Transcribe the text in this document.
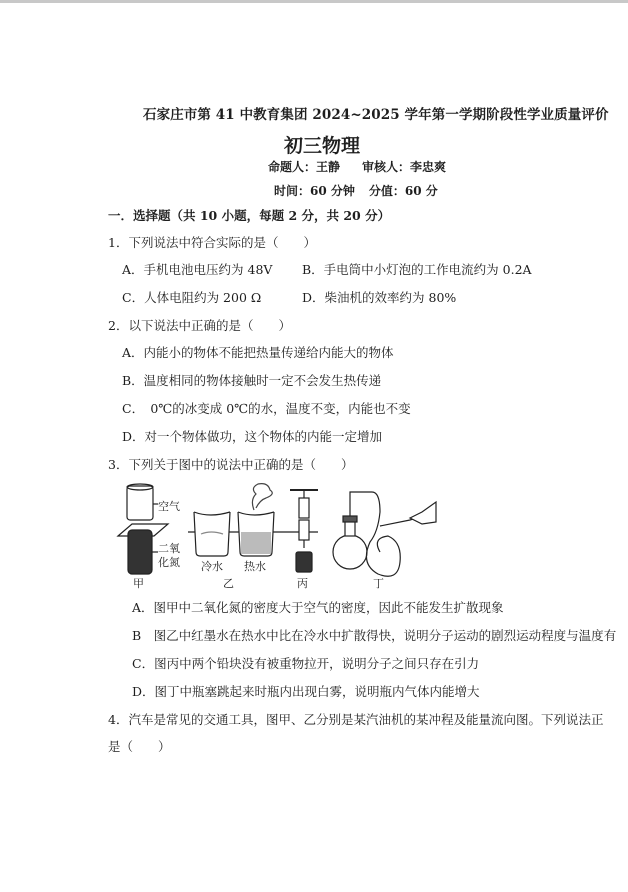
石家庄市第 41 中教育集团 2024~2025 学年第一学期阶段性学业质量评价
初三物理
命题人：王静 审核人：李忠爽
时间：60 分钟 分值：60 分
一．选择题（共 10 小题，每题 2 分，共 20 分）
1．下列说法中符合实际的是（　　）
A．手机电池电压约为 48V B．手电筒中小灯泡的工作电流约为 0.2A
C．人体电阻约为 200 Ω	D．柴油机的效率约为 80%
2．以下说法中正确的是（　　）
A．内能小的物体不能把热量传递给内能大的物体
B．温度相同的物体接触时一定不会发生热传递
C．　0℃的冰变成 0℃的水，温度不变，内能也不变
D．对一个物体做功，这个物体的内能一定增加
3．下列关于图中的说法中正确的是（　　）
空气
二氧
化氮 冷水 热水
甲	乙	丙	丁
A．图甲中二氧化氮的密度大于空气的密度，因此不能发生扩散现象
B　图乙中红墨水在热水中比在冷水中扩散得快，说明分子运动的剧烈运动程度与温度有
C．图丙中两个铅块没有被重物拉开，说明分子之间只存在引力
D．图丁中瓶塞跳起来时瓶内出现白雾，说明瓶内气体内能增大
4．汽车是常见的交通工具，图甲、乙分别是某汽油机的某冲程及能量流向图。下列说法正
是（　　）
